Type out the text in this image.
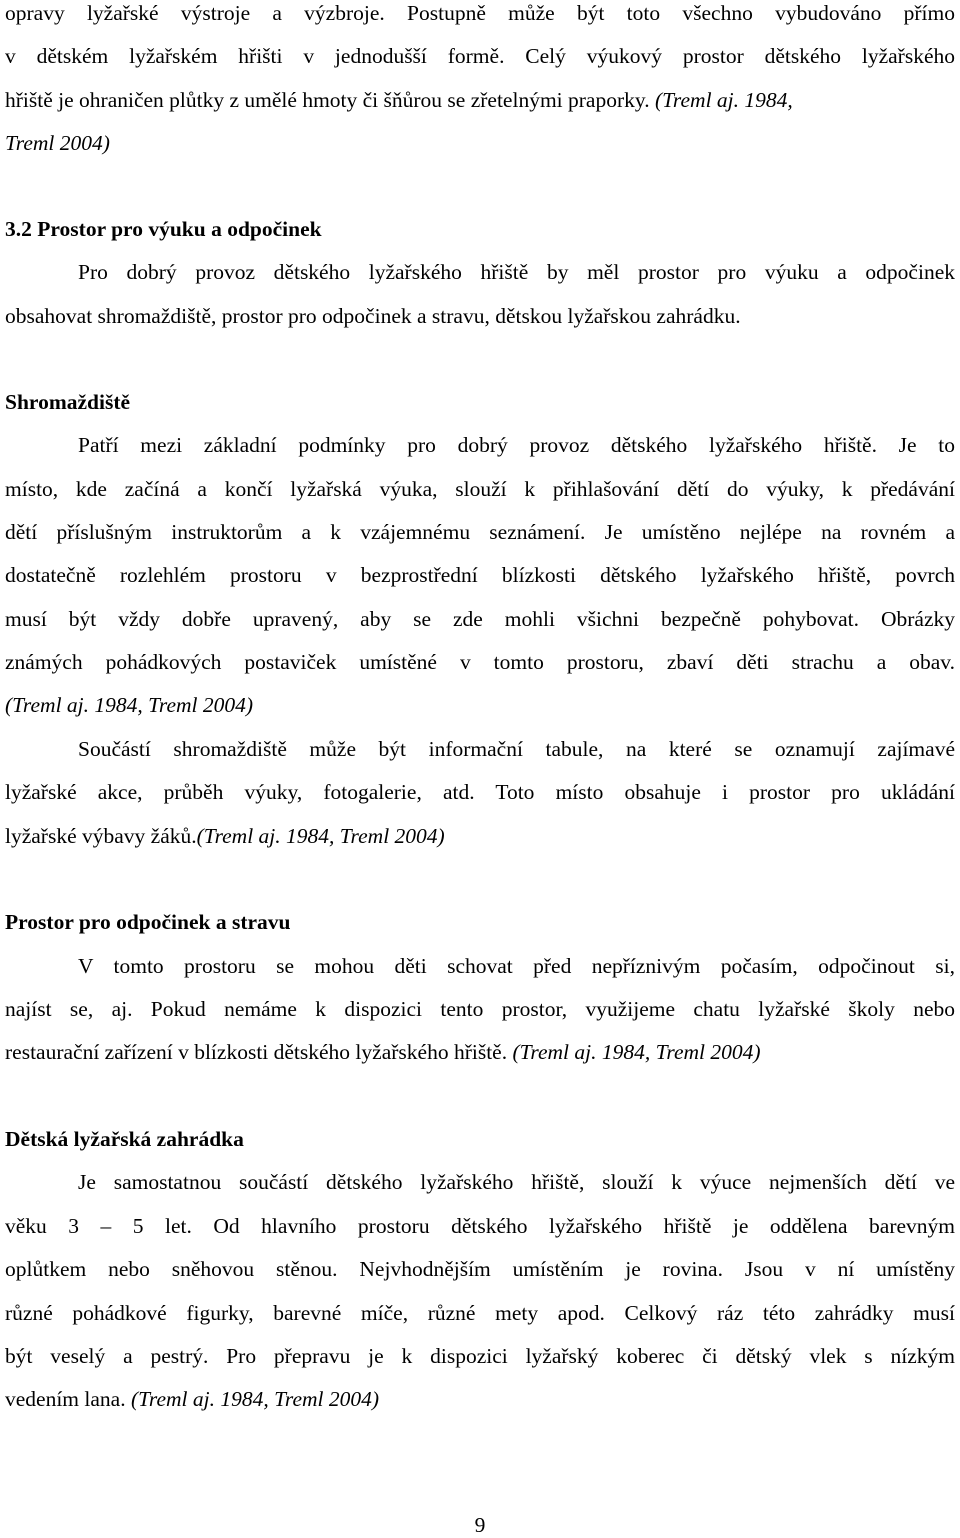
opravy lyžařské výstroje a výzbroje. Postupně může být toto všechno vybudováno přímo
v dětském lyžařském hřišti v jednodušší formě. Celý výukový prostor dětského lyžařského
hřiště je ohraničen plůtky z umělé hmoty či šňůrou se zřetelnými praporky. (Treml aj. 1984,
Treml 2004)
3.2 Prostor pro výuku a odpočinek
Pro dobrý provoz dětského lyžařského hřiště by měl prostor pro výuku a odpočinek
obsahovat shromaždiště, prostor pro odpočinek a stravu, dětskou lyžařskou zahrádku.
Shromaždiště
Patří mezi základní podmínky pro dobrý provoz dětského lyžařského hřiště. Je to
místo, kde začíná a končí lyžařská výuka, slouží k přihlašování dětí do výuky, k předávání
dětí příslušným instruktorům a k vzájemnému seznámení. Je umístěno nejlépe na rovném a
dostatečně rozlehlém prostoru v bezprostřední blízkosti dětského lyžařského hřiště, povrch
musí být vždy dobře upravený, aby se zde mohli všichni bezpečně pohybovat. Obrázky
známých pohádkových postaviček umístěné v tomto prostoru, zbaví děti strachu a obav.
(Treml aj. 1984, Treml 2004)
Součástí shromaždiště může být informační tabule, na které se oznamují zajímavé
lyžařské akce, průběh výuky, fotogalerie, atd. Toto místo obsahuje i prostor pro ukládání
lyžařské výbavy žáků.(Treml aj. 1984, Treml 2004)
Prostor pro odpočinek a stravu
V tomto prostoru se mohou děti schovat před nepříznivým počasím, odpočinout si,
najíst se, aj. Pokud nemáme k dispozici tento prostor, využijeme chatu lyžařské školy nebo
restaurační zařízení v blízkosti dětského lyžařského hřiště. (Treml aj. 1984, Treml 2004)
Dětská lyžařská zahrádka
Je samostatnou součástí dětského lyžařského hřiště, slouží k výuce nejmenších dětí ve
věku 3 – 5 let. Od hlavního prostoru dětského lyžařského hřiště je oddělena barevným
oplůtkem nebo sněhovou stěnou. Nejvhodnějším umístěním je rovina. Jsou v ní umístěny
různé pohádkové figurky, barevné míče, různé mety apod. Celkový ráz této zahrádky musí
být veselý a pestrý. Pro přepravu je k dispozici lyžařský koberec či dětský vlek s nízkým
vedením lana. (Treml aj. 1984, Treml 2004)
9
